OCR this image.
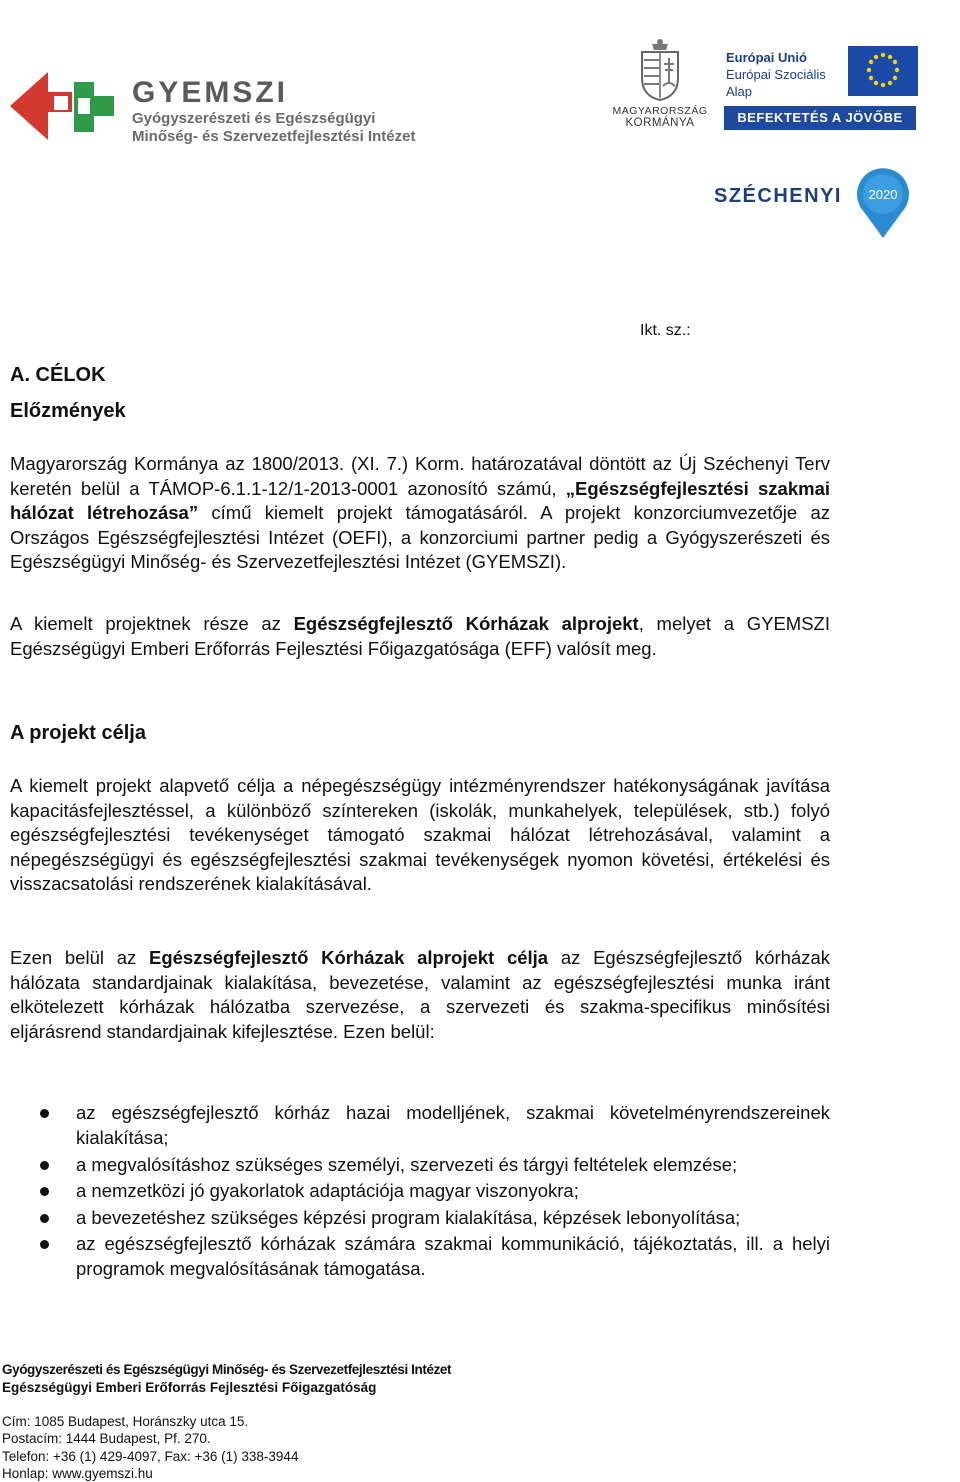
GYEMSZI
Gyógyszerészeti és Egészségügyi
Minőség- és Szervezetfejlesztési Intézet
MAGYARORSZÁG
KORMÁNYA
Európai Unió
Európai Szociális
Alap
BEFEKTETÉS A JÖVŐBE
SZÉCHENYI 2020
Ikt. sz.:
A. CÉLOK
Előzmények
Magyarország Kormánya az 1800/2013. (XI. 7.) Korm. határozatával döntött az Új Széchenyi Terv keretén belül a TÁMOP-6.1.1-12/1-2013-0001 azonosító számú, „Egészségfejlesztési szakmai hálózat létrehozása” című kiemelt projekt támogatásáról. A projekt konzorciumvezetője az Országos Egészségfejlesztési Intézet (OEFI), a konzorciumi partner pedig a Gyógyszerészeti és Egészségügyi Minőség- és Szervezetfejlesztési Intézet (GYEMSZI).
A kiemelt projektnek része az Egészségfejlesztő Kórházak alprojekt, melyet a GYEMSZI Egészségügyi Emberi Erőforrás Fejlesztési Főigazgatósága (EFF) valósít meg.
A projekt célja
A kiemelt projekt alapvető célja a népegészségügy intézményrendszer hatékonyságának javítása kapacitásfejlesztéssel, a különböző színtereken (iskolák, munkahelyek, települések, stb.) folyó egészségfejlesztési tevékenységet támogató szakmai hálózat létrehozásával, valamint a népegészségügyi és egészségfejlesztési szakmai tevékenységek nyomon követési, értékelési és visszacsatolási rendszerének kialakításával.
Ezen belül az Egészségfejlesztő Kórházak alprojekt célja az Egészségfejlesztő kórházak hálózata standardjainak kialakítása, bevezetése, valamint az egészségfejlesztési munka iránt elkötelezett kórházak hálózatba szervezése, a szervezeti és szakma-specifikus minősítési eljárásrend standardjainak kifejlesztése. Ezen belül:
az egészségfejlesztő kórház hazai modelljének, szakmai követelményrendszereinek kialakítása;
a megvalósításhoz szükséges személyi, szervezeti és tárgyi feltételek elemzése;
a nemzetközi jó gyakorlatok adaptációja magyar viszonyokra;
a bevezetéshez szükséges képzési program kialakítása, képzések lebonyolítása;
az egészségfejlesztő kórházak számára szakmai kommunikáció, tájékoztatás, ill. a helyi programok megvalósításának támogatása.
Gyógyszerészeti és Egészségügyi Minőség- és Szervezetfejlesztési Intézet
Egészségügyi Emberi Erőforrás Fejlesztési Főigazgatóság
Cím: 1085 Budapest, Horánszky utca 15.
Postacím: 1444 Budapest, Pf. 270.
Telefon: +36 (1) 429-4097, Fax: +36 (1) 338-3944
Honlap: www.gyemszi.hu
